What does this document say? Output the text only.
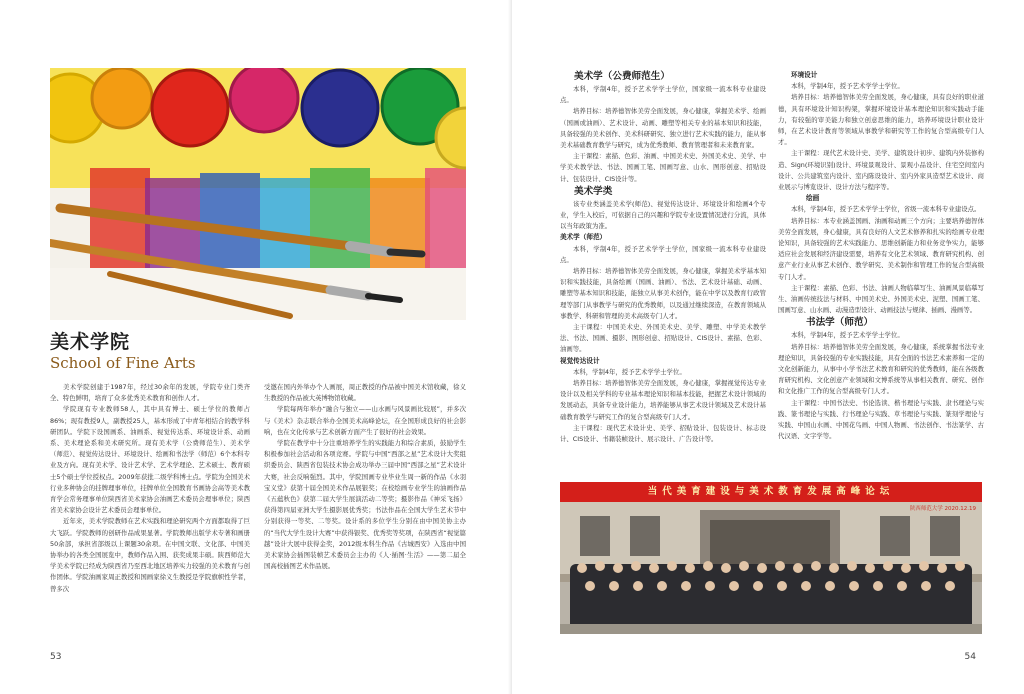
美术学院
School of Fine Arts

美术学院创建于1987年，经过30余年的发展，学院专业门类齐全、特色鲜明，培育了众多优秀美术教育和创作人才。

学院现有专业教师58人，其中具有博士、硕士学位的教师占86%；现有教授9人，副教授25人，基本形成了中青年相结合的教学科研团队。学院下设国画系、油画系、视觉传达系、环境设计系、动画系、美术理论系和美术研究所。现有美术学（公费师范生）、美术学（师范）、视觉传达设计、环境设计、绘画和书法学（师范）6个本科专业及方向。现有美术学、设计艺术学、艺术学理论、艺术硕士、教育硕士5个硕士学位授权点。2009年获批二级学科博士点。学院为全国美术行业多种协会的挂牌理事单位，挂牌单位全国教育书画协会高等美术教育学会常务理事单位陕西省美术家协会油画艺术委员会理事单位；陕西省美术家协会设计艺术委员会理事单位。

近年来，美术学院教师在艺术实践和理论研究两个方面都取得了巨大飞跃。学院教师的创研作品成果显著。学院教师出版学术专著和画册50余部，承担省部级以上课题30余项。在中国文联、文化部、中国美协举办的各类全国展览中，教师作品入围、获奖成果丰硕。陕西师范大学美术学院已经成为陕西省乃至西北地区培养实力较强的美术教育与创作团体。学院油画家周正教授和国画家徐义生教授是学院旗帜性学者，曾多次

受邀在国内外举办个人画展，周正教授的作品被中国美术馆收藏，徐义生教授的作品被大英博物馆收藏。

学院每两年举办“融合与独立——山水画与风景画比较展”，并多次与《美术》杂志联合举办全国美术高峰论坛，在全国形成良好的社会影响，也在文化传承与艺术创新方面产生了很好的社会效果。

学院在教学中十分注重培养学生的实践能力和综合素质，鼓励学生积极参加社会活动和各项竞赛。学院与中国“西部之星”艺术设计大奖组织委员会、陕西省包装技术协会成功举办三届中国“西部之星”艺术设计大赛，社会反响强烈。其中，学院国画专业毕业生周一新的作品《水羽宝义堂》获第十届全国美术作品展银奖；在校绘画专业学生的油画作品《五蕴秋色》获第二届大学生展演活动二等奖；摄影作品《神采飞扬》获得第四届亚洲大学生摄影展优秀奖；书法作品在全国大学生艺术节中分别获得一等奖、二等奖。设计系的多位学生分别在由中国美协主办的“当代大学生设计大赛”中获得银奖、优秀奖等奖项，在陕西省“视觉篇越”设计大展中获得金奖，2012级本科生作品《古城西安》入选由中国美术家协会插图装帧艺术委员会主办的《人·插图·生活》——第二届全国高校插图艺术作品展。

53
美术学（公费师范生）

本科，学制4年，授予艺术学学士学位，国家级一流本科专业建设点。

培养目标：培养德智体美劳全面发展，身心健康，掌握美术学、绘画（国画或油画）、艺术设计、动画、雕塑等相关专业的基本知识和技能，具备较强的美术创作、美术科研研究、独立进行艺术实践的能力，能从事美术基础教育教学与研究，成为优秀教师、教育管理者和未来教育家。

主干课程：素描、色彩、油画、中国美术史、外国美术史、美学、中学美术教学法、书法、国画工笔、国画写意、山水、图形创意、招贴设计、包装设计、CIS设计等。

美术学类

该专业类涵盖美术学(师范)、视觉传达设计、环境设计和绘画4个专业，学生入校后，可依据自己的兴趣和学院专业设置情况进行分流，具体以当年政策为准。

美术学（师范）

本科，学制4年，授予艺术学学士学位，国家级一流本科专业建设点。

培养目标：培养德智体美劳全面发展，身心健康，掌握美术学基本知识和实践技能，具备绘画（国画、油画）、书法、艺术设计基础、动画、雕塑等基本知识和技能，能独立从事美术创作，能在中学以及教育行政管理等部门从事教学与研究的优秀教师，以及通过继续深造，在教育领域从事教学、科研和管理的美术高级专门人才。

主干课程：中国美术史、外国美术史、美学、雕塑、中学美术教学法、书法、国画、摄影、图形创意、招贴设计、CIS设计、素描、色彩、油画等。

视觉传达设计

本科，学制4年，授予艺术学学士学位。

培养目标：培养德智体美劳全面发展，身心健康，掌握视觉传达专业设计以及相关学科的专业基本理论知识和基本技能，把握艺术设计领域的发展动态，具备专业设计能力，培养能够从事艺术设计领域及艺术设计基础教育教学与研究工作的复合型高级专门人才。

主干课程：现代艺术设计史、美学、招贴设计、包装设计、标志设计、CIS设计、书籍装帧设计、展示设计、广告设计等。

环境设计

本科，学制4年，授予艺术学学士学位。

培养目标：培养德智体美劳全面发展，身心健康，具有良好的职业道德，具有环境设计知识构架，掌握环境设计基本理论知识和实践动手能力，有较强的审美能力和独立创意思维的能力，培养环境设计职业设计师，在艺术设计教育等领域从事教学和研究等工作的复合型高级专门人才。

主干课程：现代艺术设计史、美学、建筑设计初步、建筑内外装修构造、Sign(环境识别)设计、环境景观设计、景观小品设计、住宅空间室内设计、公共建筑室内设计、室内陈设设计、室内外家具造型艺术设计、商业展示与博览设计、设计方法与程序等。

绘画

本科，学制4年，授予艺术学学士学位，省级一流本科专业建设点。

培养目标：本专业涵盖国画、油画和动画三个方向；主要培养德智体美劳全面发展，身心健康，具有良好的人文艺术修养和扎实的绘画专业理论知识，具备较强的艺术实践能力、思维创新能力和业务竞争实力，能够适应社会发展和经济建设需要，培养有文化艺术领域、教育研究机构、创意产业行业从事艺术创作、教学研究、美术制作和管理工作的复合型高级专门人才。

主干课程：素描、色彩、书法、油画人物临摹写生、油画风景临摹写生、油画传统技法与材料、中国美术史、外国美术史、泥塑、国画工笔、国画写意、山水画、动漫造型设计、动画技法与规律、插画、漫画等。

书法学（师范）

本科，学制4年，授予艺术学学士学位。

培养目标：培养德智体美劳全面发展，身心健康，系统掌握书法专业理论知识，具备较强的专业实践技能，具有全面的书法艺术素养和一定的文化创新能力，从事中小学书法艺术教育和研究的优秀教师，能在各级教育研究机构、文化创意产业领域和文博系统等从事相关教育、研究、创作和文化推广工作的复合型高级专门人才。

主干课程：中国书法史、书论选读、楷书理论与实践、隶书理论与实践、篆书理论与实践、行书理论与实践、草书理论与实践、篆刻学理论与实践、中国山水画、中国花鸟画、中国人物画、书法创作、书法篆学、古代汉语、文字学等。

当代美育建设与美术教育发展高峰论坛
陕西师范大学 2020.12.19
54
